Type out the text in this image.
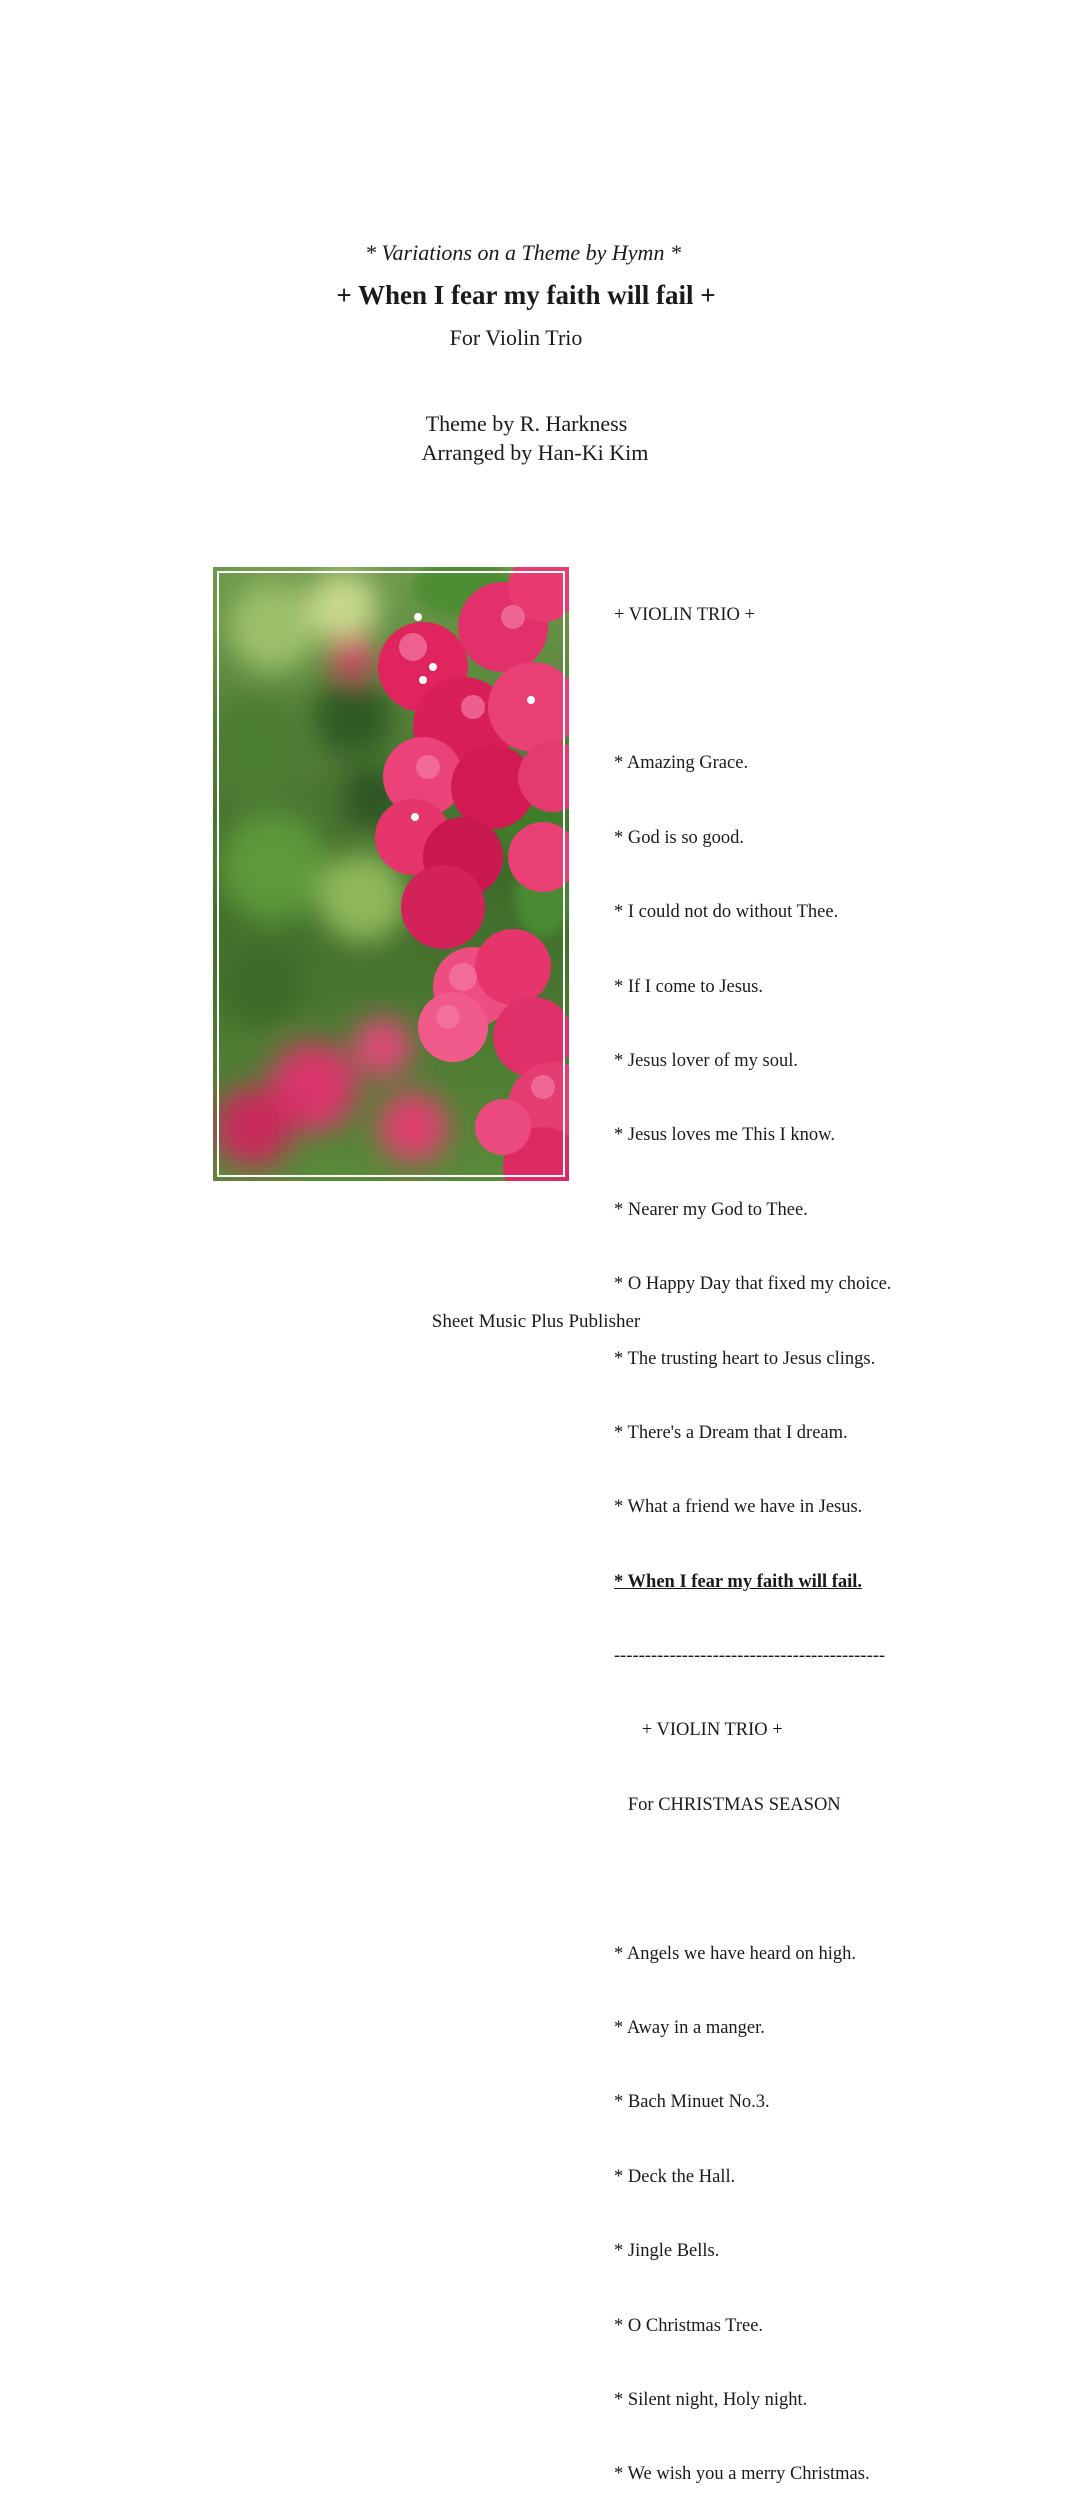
* Variations on a Theme by Hymn *
+ When I fear my faith will fail +
For Violin Trio
Theme by R. Harkness
Arranged by Han-Ki Kim

+ VIOLIN TRIO +

* Amazing Grace.

* God is so good.

* I could not do without Thee.

* If I come to Jesus.

* Jesus lover of my soul.

* Jesus loves me This I know.

* Nearer my God to Thee.

* O Happy Day that fixed my choice.

* The trusting heart to Jesus clings.

* There's a Dream that I dream.

* What a friend we have in Jesus.

* When I fear my faith will fail.

--------------------------------------------

+ VIOLIN TRIO +

For CHRISTMAS SEASON

* Angels we have heard on high.

* Away in a manger.

* Bach Minuet No.3.

* Deck the Hall.

* Jingle Bells.

* O Christmas Tree.

* Silent night, Holy night.

* We wish you a merry Christmas.

Sheet Music Plus Publisher
